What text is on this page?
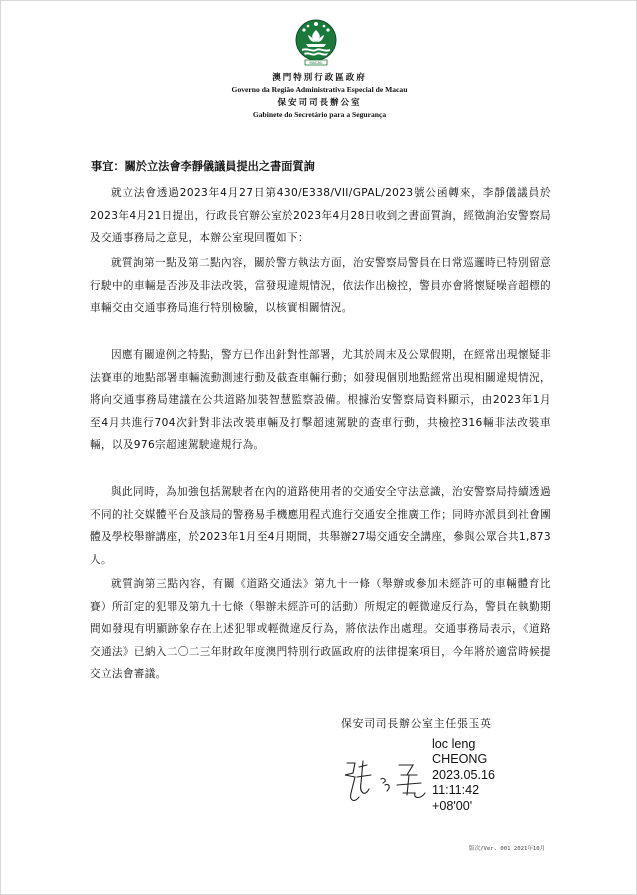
MACAU
澳門特別行政區政府
Governo da Região Administrativa Especial de Macau
保安司司長辦公室
Gabinete do Secretário para a Segurança
事宜：關於立法會李靜儀議員提出之書面質詢
就立法會透過2023年4月27日第430/E338/VII/GPAL/2023號公函轉來，李靜儀議員於2023年4月21日提出，行政長官辦公室於2023年4月28日收到之書面質詢，經徵詢治安警察局及交通事務局之意見，本辦公室現回覆如下：
就質詢第一點及第二點內容，關於警方執法方面，治安警察局警員在日常巡邏時已特別留意行駛中的車輛是否涉及非法改裝，當發現違規情況，依法作出檢控，警員亦會將懷疑噪音超標的車輛交由交通事務局進行特別檢驗，以核實相關情況。
因應有關違例之特點，警方已作出針對性部署，尤其於周末及公眾假期，在經常出現懷疑非法賽車的地點部署車輛流動測速行動及截查車輛行動；如發現個別地點經常出現相關違規情況，將向交通事務局建議在公共道路加裝智慧監察設備。根據治安警察局資料顯示，由2023年1月至4月共進行704次針對非法改裝車輛及打擊超速駕駛的查車行動，共檢控316輛非法改裝車輛，以及976宗超速駕駛違規行為。
與此同時，為加強包括駕駛者在內的道路使用者的交通安全守法意識，治安警察局持續透過不同的社交媒體平台及該局的警務易手機應用程式進行交通安全推廣工作；同時亦派員到社會團體及學校舉辦講座，於2023年1月至4月期間，共舉辦27場交通安全講座，參與公眾合共1,873人。
就質詢第三點內容，有關《道路交通法》第九十一條（舉辦或參加未經許可的車輛體育比賽）所訂定的犯罪及第九十七條（舉辦未經許可的活動）所規定的輕微違反行為，警員在執勤期間如發現有明顯跡象存在上述犯罪或輕微違反行為，將依法作出處理。交通事務局表示，《道路交通法》已納入二〇二三年財政年度澳門特別行政區政府的法律提案項目，今年將於適當時候提交立法會審議。
保安司司長辦公室主任張玉英
loc leng
CHEONG
2023.05.16
11:11:42
+08'00'
版次/Ver. 001 2021年10月
